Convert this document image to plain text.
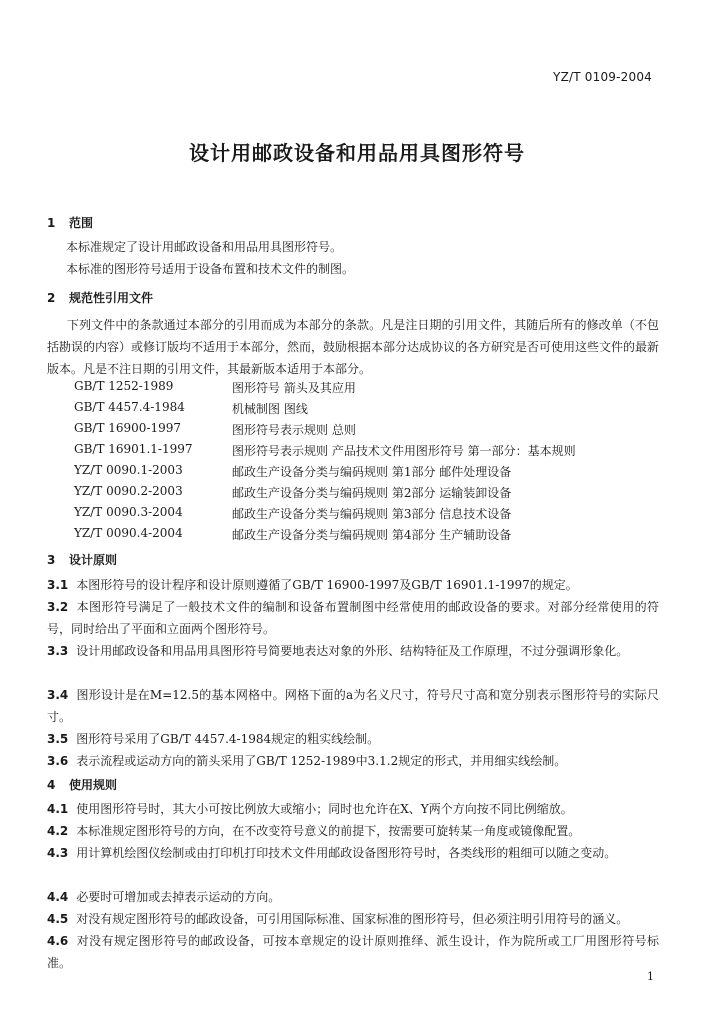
YZ/T 0109-2004
设计用邮政设备和用品用具图形符号
1 范围
本标准规定了设计用邮政设备和用品用具图形符号。
本标准的图形符号适用于设备布置和技术文件的制图。
2 规范性引用文件
下列文件中的条款通过本部分的引用而成为本部分的条款。凡是注日期的引用文件，其随后所有的修改单（不包括勘误的内容）或修订版均不适用于本部分，然而，鼓励根据本部分达成协议的各方研究是否可使用这些文件的最新版本。凡是不注日期的引用文件，其最新版本适用于本部分。
GB/T 1252-1989	图形符号 箭头及其应用
GB/T 4457.4-1984	机械制图 图线
GB/T 16900-1997	图形符号表示规则 总则
GB/T 16901.1-1997	图形符号表示规则 产品技术文件用图形符号 第一部分：基本规则
YZ/T 0090.1-2003	邮政生产设备分类与编码规则 第1部分 邮件处理设备
YZ/T 0090.2-2003	邮政生产设备分类与编码规则 第2部分 运输装卸设备
YZ/T 0090.3-2004	邮政生产设备分类与编码规则 第3部分 信息技术设备
YZ/T 0090.4-2004	邮政生产设备分类与编码规则 第4部分 生产辅助设备
3 设计原则
3.1 本图形符号的设计程序和设计原则遵循了GB/T 16900-1997及GB/T 16901.1-1997的规定。
3.2 本图形符号满足了一般技术文件的编制和设备布置制图中经常使用的邮政设备的要求。对部分经常使用的符号，同时给出了平面和立面两个图形符号。
3.3 设计用邮政设备和用品用具图形符号简要地表达对象的外形、结构特征及工作原理，不过分强调形象化。
3.4 图形设计是在M=12.5的基本网格中。网格下面的a为名义尺寸，符号尺寸高和宽分别表示图形符号的实际尺寸。
3.5 图形符号采用了GB/T 4457.4-1984规定的粗实线绘制。
3.6 表示流程或运动方向的箭头采用了GB/T 1252-1989中3.1.2规定的形式，并用细实线绘制。
4 使用规则
4.1 使用图形符号时，其大小可按比例放大或缩小；同时也允许在X、Y两个方向按不同比例缩放。
4.2 本标准规定图形符号的方向，在不改变符号意义的前提下，按需要可旋转某一角度或镜像配置。
4.3 用计算机绘图仪绘制或由打印机打印技术文件用邮政设备图形符号时，各类线形的粗细可以随之变动。
4.4 必要时可增加或去掉表示运动的方向。
4.5 对没有规定图形符号的邮政设备，可引用国际标准、国家标准的图形符号，但必须注明引用符号的涵义。
4.6 对没有规定图形符号的邮政设备，可按本章规定的设计原则推绎、派生设计，作为院所或工厂用图形符号标准。
1
